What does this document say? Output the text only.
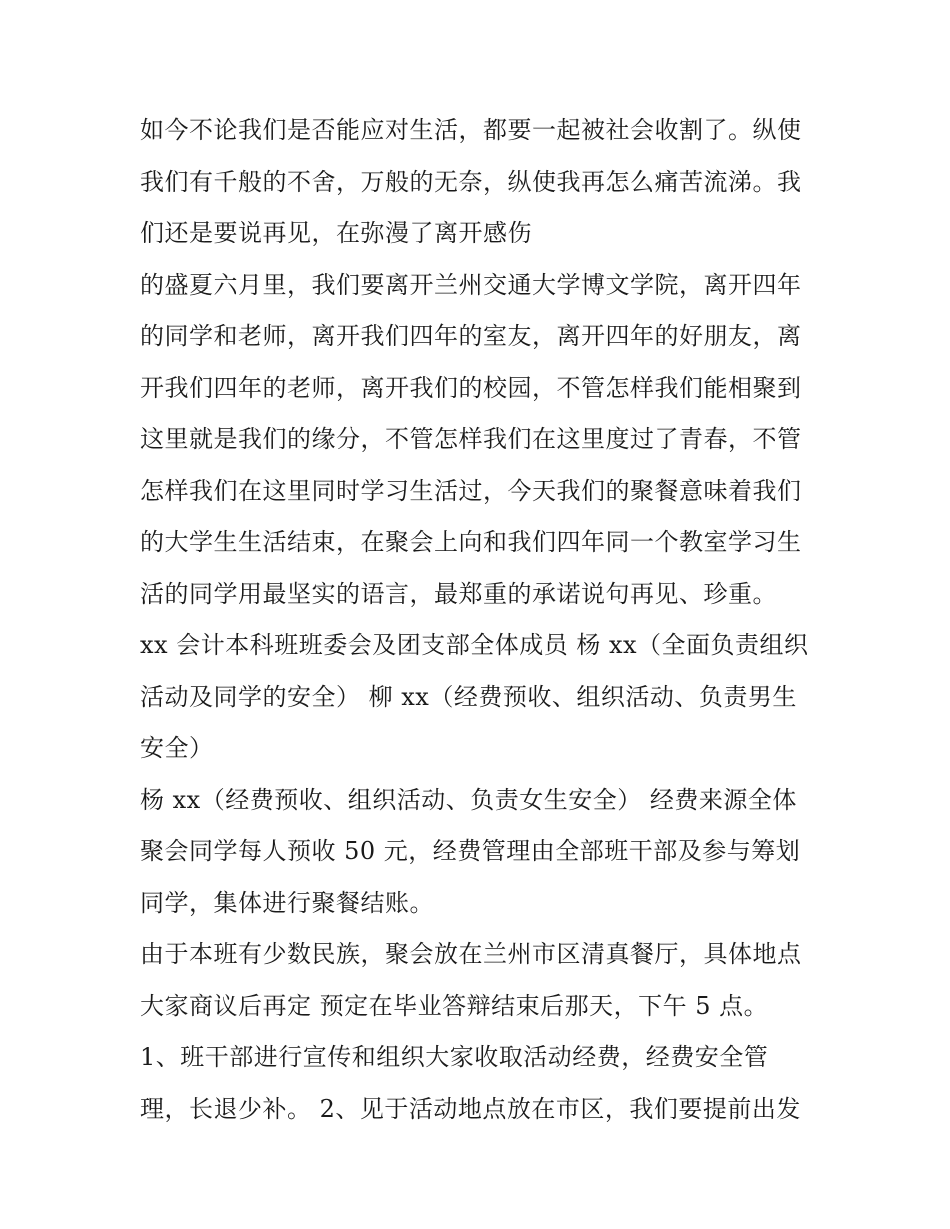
如今不论我们是否能应对生活，都要一起被社会收割了。纵使
我们有千般的不舍，万般的无奈，纵使我再怎么痛苦流涕。我
们还是要说再见，在弥漫了离开感伤
的盛夏六月里，我们要离开兰州交通大学博文学院，离开四年
的同学和老师，离开我们四年的室友，离开四年的好朋友，离
开我们四年的老师，离开我们的校园，不管怎样我们能相聚到
这里就是我们的缘分，不管怎样我们在这里度过了青春，不管
怎样我们在这里同时学习生活过，今天我们的聚餐意味着我们
的大学生生活结束，在聚会上向和我们四年同一个教室学习生
活的同学用最坚实的语言，最郑重的承诺说句再见、珍重。
xx 会计本科班班委会及团支部全体成员 杨 xx（全面负责组织
活动及同学的安全） 柳 xx（经费预收、组织活动、负责男生
安全）
杨 xx（经费预收、组织活动、负责女生安全） 经费来源全体
聚会同学每人预收 50 元，经费管理由全部班干部及参与筹划
同学，集体进行聚餐结账。
由于本班有少数民族，聚会放在兰州市区清真餐厅，具体地点
大家商议后再定 预定在毕业答辩结束后那天，下午 5 点。
1、班干部进行宣传和组织大家收取活动经费，经费安全管
理，长退少补。 2、见于活动地点放在市区，我们要提前出发
